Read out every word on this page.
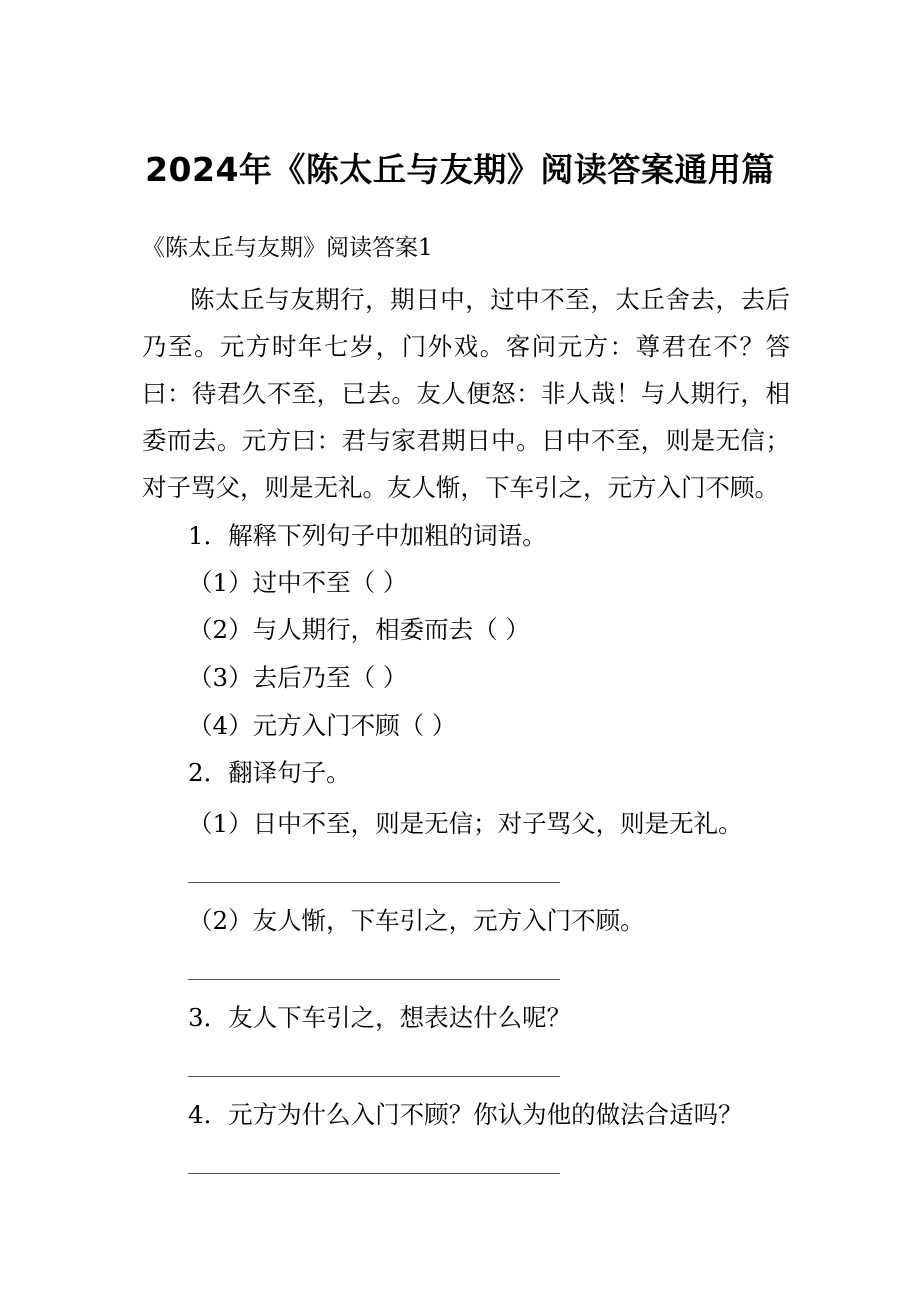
2024年《陈太丘与友期》阅读答案通用篇
《陈太丘与友期》阅读答案1

陈太丘与友期行，期日中，过中不至，太丘舍去，去后乃至。元方时年七岁，门外戏。客问元方：尊君在不？答曰：待君久不至，已去。友人便怒：非人哉！与人期行，相委而去。元方曰：君与家君期日中。日中不至，则是无信；对子骂父，则是无礼。友人惭，下车引之，元方入门不顾。

1．解释下列句子中加粗的词语。
（1）过中不至（ ）
（2）与人期行，相委而去（ ）
（3）去后乃至（ ）
（4）元方入门不顾（ ）
2．翻译句子。
（1）日中不至，则是无信；对子骂父，则是无礼。
（2）友人惭，下车引之，元方入门不顾。
3．友人下车引之，想表达什么呢？
4．元方为什么入门不顾？你认为他的做法合适吗？
